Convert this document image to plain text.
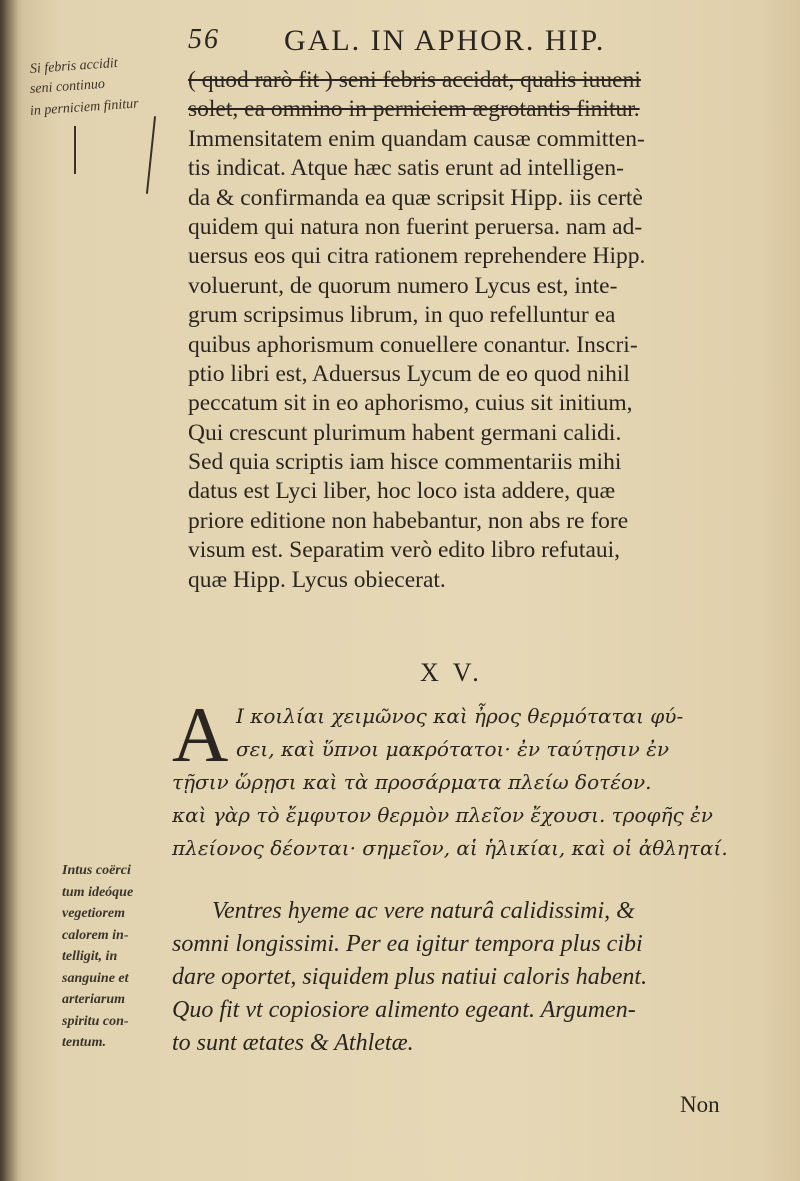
56 GAL. IN APHOR. HIP.
Si febris accidit
seni continuo
in perniciem finitur
( quod rarò fit ) seni febris accidat, qualis iuueni
solet, ea omnino in perniciem ægrotantis finitur.
Immensitatem enim quandam causæ committen-
tis indicat. Atque hæc satis erunt ad intelligen-
da & confirmanda ea quæ scripsit Hipp. iis certè
quidem qui natura non fuerint peruersa. nam ad-
uersus eos qui citra rationem reprehendere Hipp.
voluerunt, de quorum numero Lycus est, inte-
grum scripsimus librum, in quo refelluntur ea
quibus aphorismum conuellere conantur. Inscri-
ptio libri est, Aduersus Lycum de eo quod nihil
peccatum sit in eo aphorismo, cuius sit initium,
Qui crescunt plurimum habent germani calidi.
Sed quia scriptis iam hisce commentariis mihi
datus est Lyci liber, hoc loco ista addere, quæ
priore editione non habebantur, non abs re fore
visum est. Separatim verò edito libro refutaui,
quæ Hipp. Lycus obiecerat.
X V.
A Ι κοιλίαι χειμῶνος καὶ ἦρος θερμόταται φύ-
σει, καὶ ὕπνοι μακρότατοι· ἐν ταύτῃσιν ἐν
τῇσιν ὥρῃσι καὶ τὰ προσάρματα πλείω δοτέον.
καὶ γὰρ τὸ ἔμφυτον θερμὸν πλεῖον ἔχουσι. τροφῆς ἐν
πλείονος δέονται· σημεῖον, αἱ ἡλικίαι, καὶ οἱ ἀθληταί.
Intus coërci
tum ideóque
vegetiorem
calorem in-
telligit, in
sanguine et
arteriarum
spiritu con-
tentum.
Ventres hyeme ac vere naturâ calidissimi, &
somni longissimi. Per ea igitur tempora plus cibi
dare oportet, siquidem plus natiui caloris habent.
Quo fit vt copiosiore alimento egeant. Argumen-
to sunt ætates & Athletæ.
Non
